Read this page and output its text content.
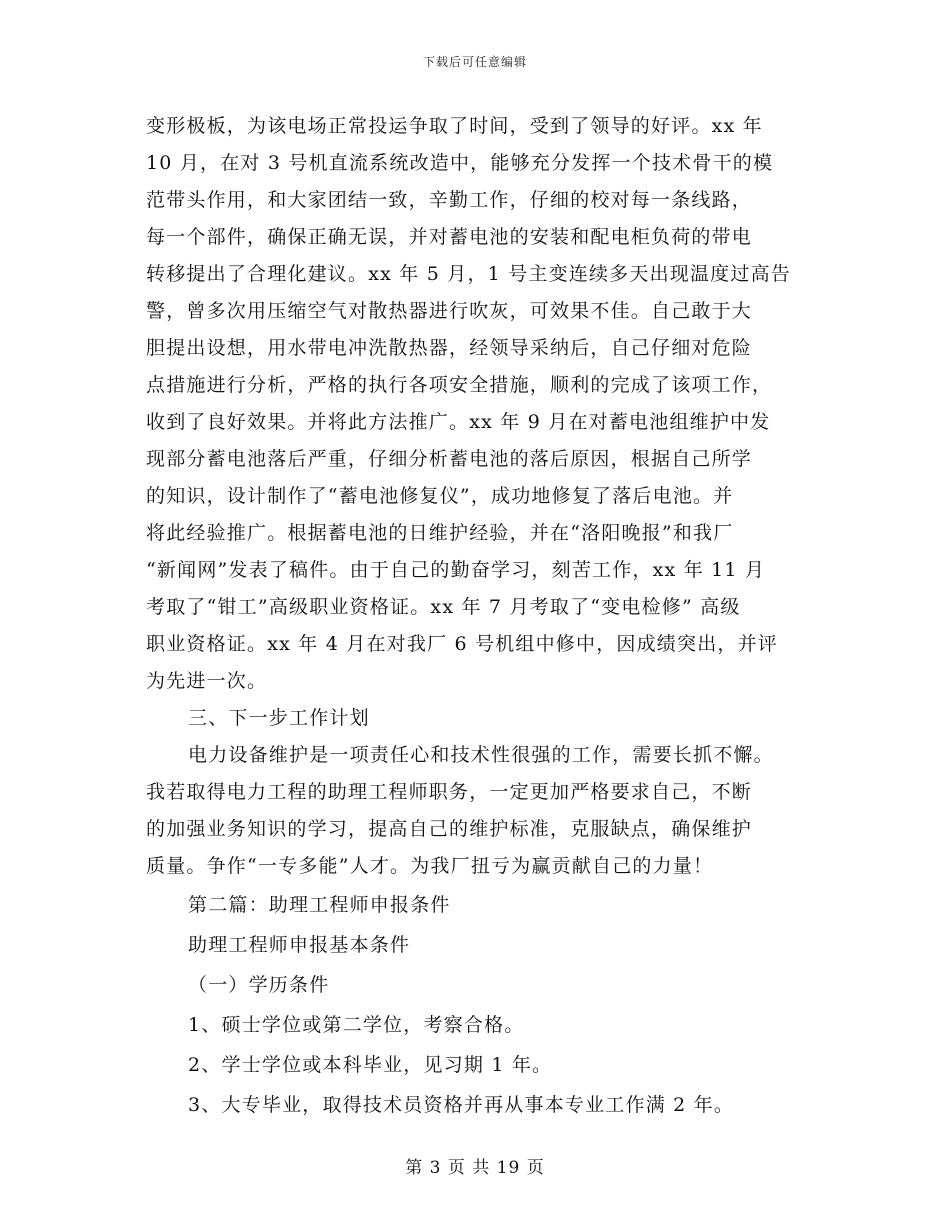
下载后可任意编辑
变形极板，为该电场正常投运争取了时间，受到了领导的好评。xx 年
10 月，在对 3 号机直流系统改造中，能够充分发挥一个技术骨干的模
范带头作用，和大家团结一致，辛勤工作，仔细的校对每一条线路，
每一个部件，确保正确无误，并对蓄电池的安装和配电柜负荷的带电
转移提出了合理化建议。xx 年 5 月，1 号主变连续多天出现温度过高告
警，曾多次用压缩空气对散热器进行吹灰，可效果不佳。自己敢于大
胆提出设想，用水带电冲洗散热器，经领导采纳后，自己仔细对危险
点措施进行分析，严格的执行各项安全措施，顺利的完成了该项工作，
收到了良好效果。并将此方法推广。xx 年 9 月在对蓄电池组维护中发
现部分蓄电池落后严重，仔细分析蓄电池的落后原因，根据自己所学
的知识，设计制作了“蓄电池修复仪”，成功地修复了落后电池。并
将此经验推广。根据蓄电池的日维护经验，并在“洛阳晚报”和我厂
“新闻网”发表了稿件。由于自己的勤奋学习，刻苦工作，xx 年 11 月
考取了“钳工”高级职业资格证。xx 年 7 月考取了“变电检修” 高级
职业资格证。xx 年 4 月在对我厂 6 号机组中修中，因成绩突出，并评
为先进一次。
三、下一步工作计划
电力设备维护是一项责任心和技术性很强的工作，需要长抓不懈。
我若取得电力工程的助理工程师职务，一定更加严格要求自己，不断
的加强业务知识的学习，提高自己的维护标准，克服缺点，确保维护
质量。争作“一专多能”人才。为我厂扭亏为赢贡献自己的力量！
第二篇：助理工程师申报条件
助理工程师申报基本条件
（一）学历条件
1、硕士学位或第二学位，考察合格。
2、学士学位或本科毕业，见习期 1 年。
3、大专毕业，取得技术员资格并再从事本专业工作满 2 年。
第 3 页 共 19 页
